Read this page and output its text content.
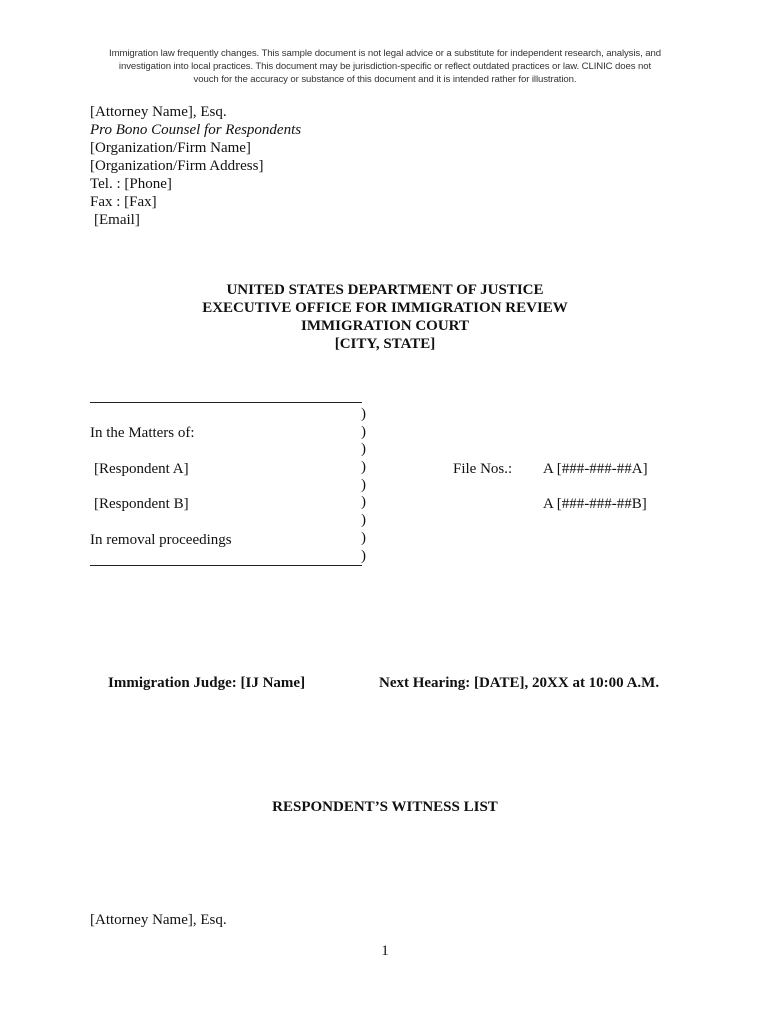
Immigration law frequently changes. This sample document is not legal advice or a substitute for independent research, analysis, and
investigation into local practices. This document may be jurisdiction-specific or reflect outdated practices or law. CLINIC does not
vouch for the accuracy or substance of this document and it is intended rather for illustration.
[Attorney Name], Esq.
Pro Bono Counsel for Respondents
[Organization/Firm Name]
[Organization/Firm Address]
Tel. : [Phone]
Fax : [Fax]
[Email]
UNITED STATES DEPARTMENT OF JUSTICE
EXECUTIVE OFFICE FOR IMMIGRATION REVIEW
IMMIGRATION COURT
[CITY, STATE]
)
)
)
)
)
)
)
)
)
In the Matters of:
[Respondent A]
[Respondent B]
In removal proceedings
File Nos.: A [###-###-##A]
A [###-###-##B]
Immigration Judge: [IJ Name]	Next Hearing: [DATE], 20XX at 10:00 A.M.
RESPONDENT’S WITNESS LIST
[Attorney Name], Esq.
1
